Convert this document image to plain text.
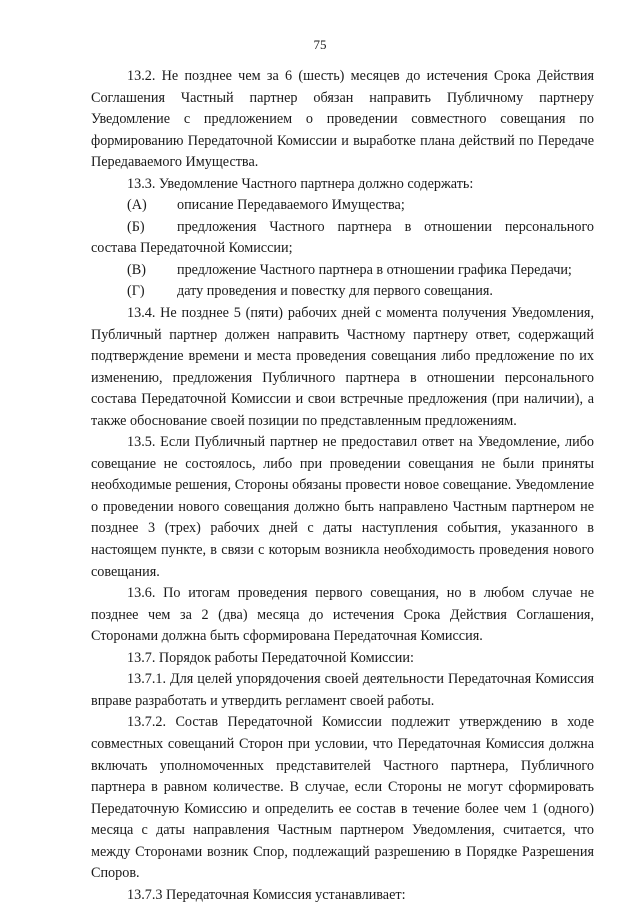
75

13.2. Не позднее чем за 6 (шесть) месяцев до истечения Срока Действия Соглашения Частный партнер обязан направить Публичному партнеру Уведомление с предложением о проведении совместного совещания по формированию Передаточной Комиссии и выработке плана действий по Передаче Передаваемого Имущества.

13.3. Уведомление Частного партнера должно содержать:

(А)	описание Передаваемого Имущества;
(Б) предложения Частного партнера в отношении персонального состава Передаточной Комиссии;
(В)	предложение Частного партнера в отношении графика Передачи;
(Г)	дату проведения и повестку для первого совещания.

13.4. Не позднее 5 (пяти) рабочих дней с момента получения Уведомления, Публичный партнер должен направить Частному партнеру ответ, содержащий подтверждение времени и места проведения совещания либо предложение по их изменению, предложения Публичного партнера в отношении персонального состава Передаточной Комиссии и свои встречные предложения (при наличии), а также обоснование своей позиции по представленным предложениям.

13.5. Если Публичный партнер не предоставил ответ на Уведомление, либо совещание не состоялось, либо при проведении совещания не были приняты необходимые решения, Стороны обязаны провести новое совещание. Уведомление о проведении нового совещания должно быть направлено Частным партнером не позднее 3 (трех) рабочих дней с даты наступления события, указанного в настоящем пункте, в связи с которым возникла необходимость проведения нового совещания.

13.6. По итогам проведения первого совещания, но в любом случае не позднее чем за 2 (два) месяца до истечения Срока Действия Соглашения, Сторонами должна быть сформирована Передаточная Комиссия.

13.7. Порядок работы Передаточной Комиссии:

13.7.1. Для целей упорядочения своей деятельности Передаточная Комиссия вправе разработать и утвердить регламент своей работы.

13.7.2. Состав Передаточной Комиссии подлежит утверждению в ходе совместных совещаний Сторон при условии, что Передаточная Комиссия должна включать уполномоченных представителей Частного партнера, Публичного партнера в равном количестве. В случае, если Стороны не могут сформировать Передаточную Комиссию и определить ее состав в течение более чем 1 (одного) месяца с даты направления Частным партнером Уведомления, считается, что между Сторонами возник Спор, подлежащий разрешению в Порядке Разрешения Споров.

13.7.3 Передаточная Комиссия устанавливает:
